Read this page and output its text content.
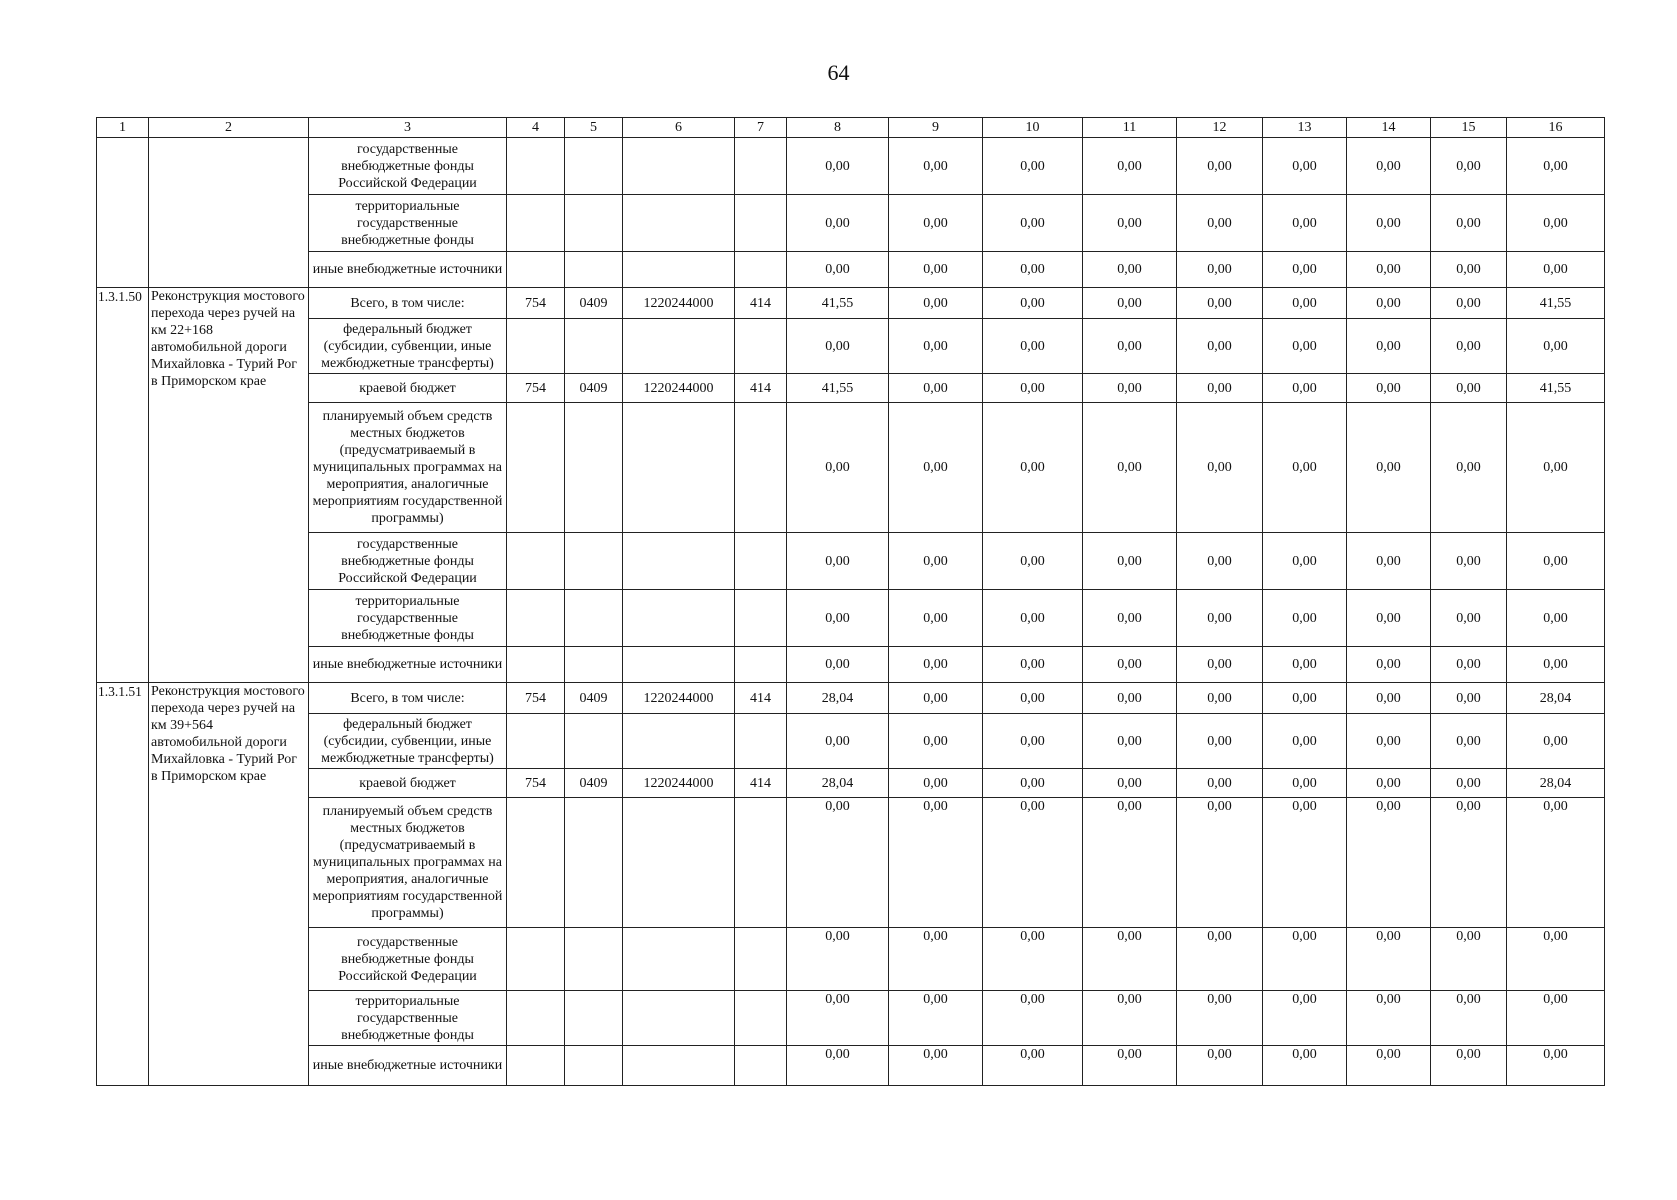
64
1	2	3	4	5	6	7	8	9	10	11	12	13	14	15	16
		государственные внебюджетные фонды Российской Федерации					0,00	0,00	0,00	0,00	0,00	0,00	0,00	0,00	0,00
		территориальные государственные внебюджетные фонды					0,00	0,00	0,00	0,00	0,00	0,00	0,00	0,00	0,00
		иные внебюджетные источники					0,00	0,00	0,00	0,00	0,00	0,00	0,00	0,00	0,00
1.3.1.50	Реконструкция мостового перехода через ручей на км 22+168 автомобильной дороги Михайловка - Турий Рог в Приморском крае	Всего, в том числе:	754	0409	1220244000	414	41,55	0,00	0,00	0,00	0,00	0,00	0,00	0,00	41,55
		федеральный бюджет (субсидии, субвенции, иные межбюджетные трансферты)					0,00	0,00	0,00	0,00	0,00	0,00	0,00	0,00	0,00
		краевой бюджет	754	0409	1220244000	414	41,55	0,00	0,00	0,00	0,00	0,00	0,00	0,00	41,55
		планируемый объем средств местных бюджетов (предусматриваемый в муниципальных программах на мероприятия, аналогичные мероприятиям государственной программы)					0,00	0,00	0,00	0,00	0,00	0,00	0,00	0,00	0,00
		государственные внебюджетные фонды Российской Федерации					0,00	0,00	0,00	0,00	0,00	0,00	0,00	0,00	0,00
		территориальные государственные внебюджетные фонды					0,00	0,00	0,00	0,00	0,00	0,00	0,00	0,00	0,00
		иные внебюджетные источники					0,00	0,00	0,00	0,00	0,00	0,00	0,00	0,00	0,00
1.3.1.51	Реконструкция мостового перехода через ручей на км 39+564 автомобильной дороги Михайловка - Турий Рог в Приморском крае	Всего, в том числе:	754	0409	1220244000	414	28,04	0,00	0,00	0,00	0,00	0,00	0,00	0,00	28,04
		федеральный бюджет (субсидии, субвенции, иные межбюджетные трансферты)					0,00	0,00	0,00	0,00	0,00	0,00	0,00	0,00	0,00
		краевой бюджет	754	0409	1220244000	414	28,04	0,00	0,00	0,00	0,00	0,00	0,00	0,00	28,04
		планируемый объем средств местных бюджетов (предусматриваемый в муниципальных программах на мероприятия, аналогичные мероприятиям государственной программы)					0,00	0,00	0,00	0,00	0,00	0,00	0,00	0,00	0,00
		государственные внебюджетные фонды Российской Федерации					0,00	0,00	0,00	0,00	0,00	0,00	0,00	0,00	0,00
		территориальные государственные внебюджетные фонды					0,00	0,00	0,00	0,00	0,00	0,00	0,00	0,00	0,00
		иные внебюджетные источники					0,00	0,00	0,00	0,00	0,00	0,00	0,00	0,00	0,00
